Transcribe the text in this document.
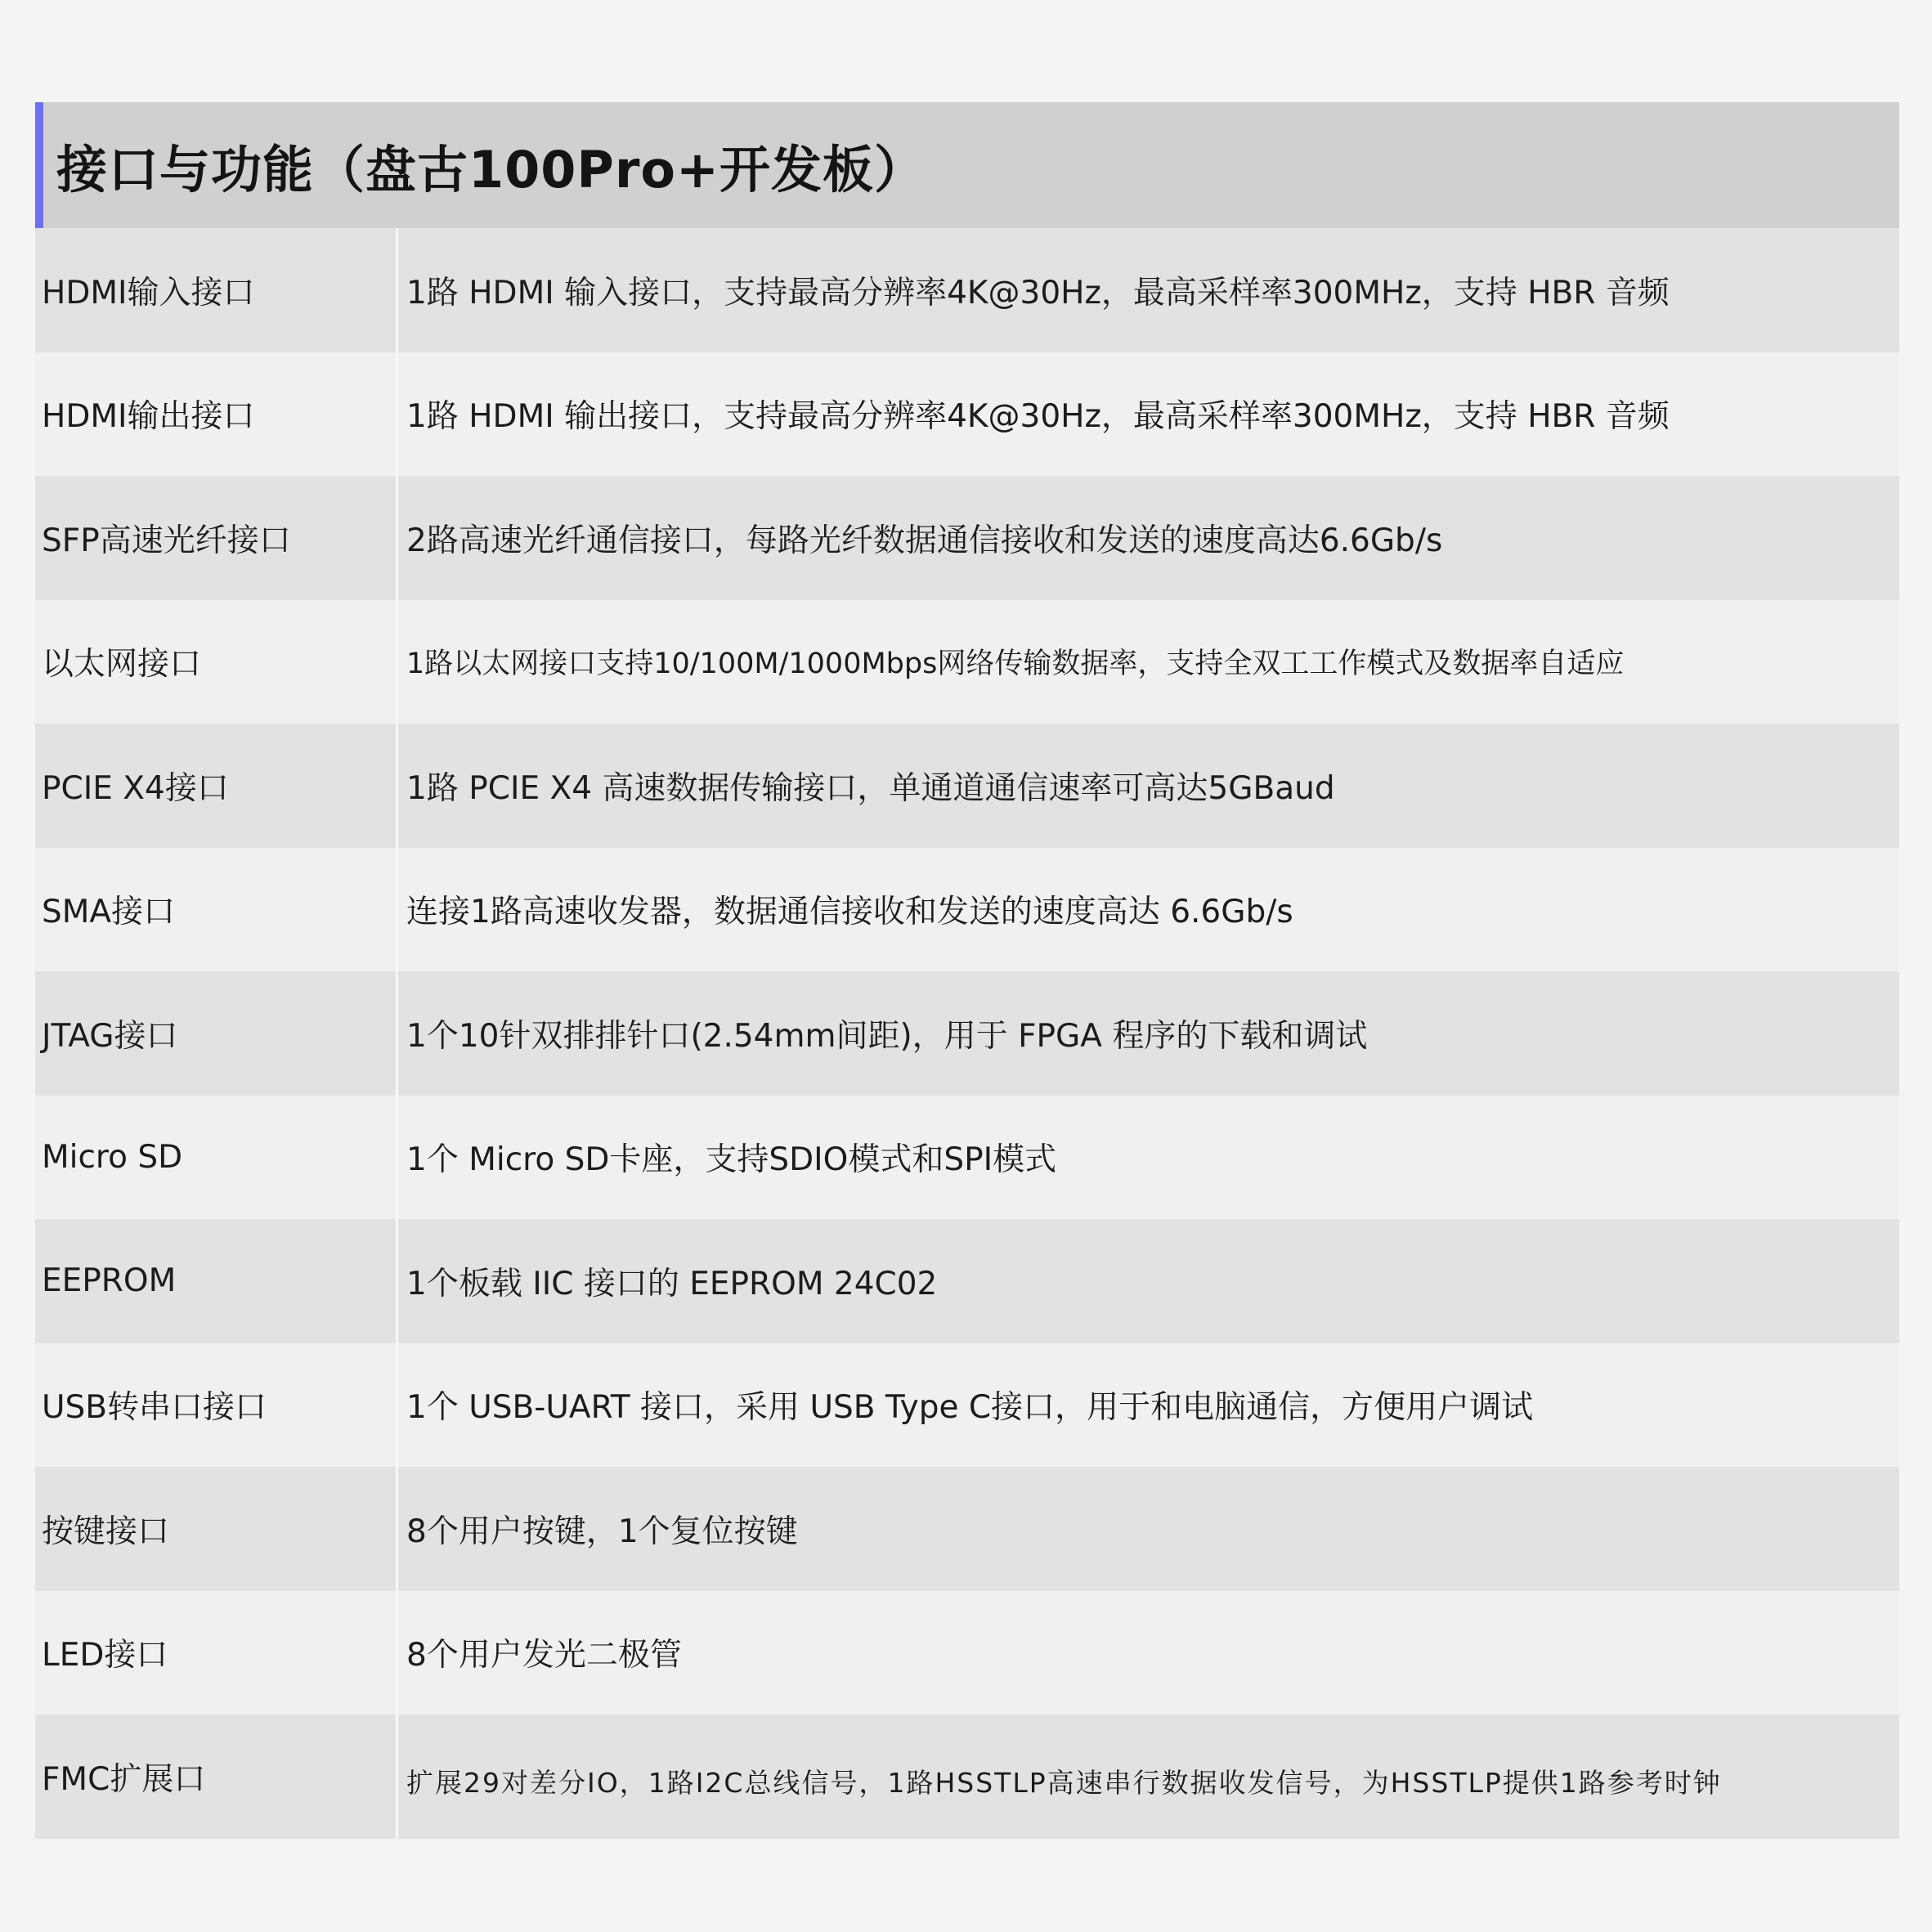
接口与功能（盘古100Pro+开发板）
HDMI输入接口	1路 HDMI 输入接口，支持最高分辨率4K@30Hz，最高采样率300MHz，支持 HBR 音频
HDMI输出接口	1路 HDMI 输出接口，支持最高分辨率4K@30Hz，最高采样率300MHz，支持 HBR 音频
SFP高速光纤接口	2路高速光纤通信接口，每路光纤数据通信接收和发送的速度高达6.6Gb/s
以太网接口	1路以太网接口支持10/100M/1000Mbps网络传输数据率，支持全双工工作模式及数据率自适应
PCIE X4接口	1路 PCIE X4 高速数据传输接口，单通道通信速率可高达5GBaud
SMA接口	连接1路高速收发器，数据通信接收和发送的速度高达 6.6Gb/s
JTAG接口	1个10针双排排针口(2.54mm间距)，用于 FPGA 程序的下载和调试
Micro SD	1个 Micro SD卡座，支持SDIO模式和SPI模式
EEPROM	1个板载 IIC 接口的 EEPROM 24C02
USB转串口接口	1个 USB-UART 接口，采用 USB Type C接口，用于和电脑通信，方便用户调试
按键接口	8个用户按键，1个复位按键
LED接口	8个用户发光二极管
FMC扩展口	扩展29对差分IO，1路I2C总线信号，1路HSSTLP高速串行数据收发信号，为HSSTLP提供1路参考时钟
